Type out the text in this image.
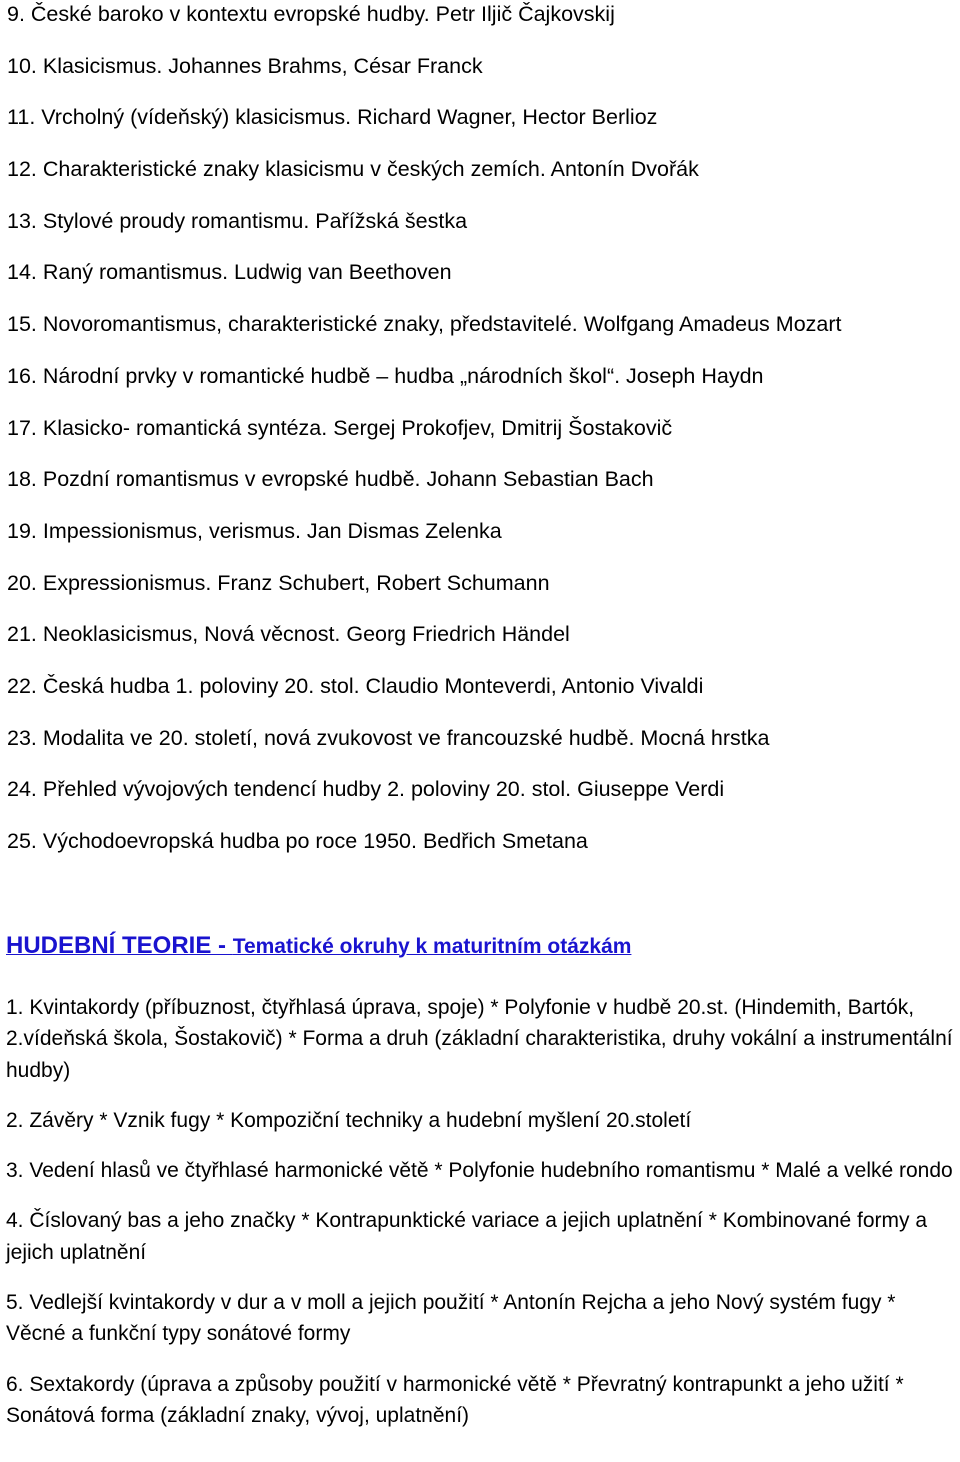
9. České baroko v kontextu evropské hudby. Petr Iljič Čajkovskij
10. Klasicismus. Johannes Brahms, César Franck
11. Vrcholný (vídeňský) klasicismus. Richard Wagner, Hector Berlioz
12. Charakteristické znaky klasicismu v českých zemích. Antonín Dvořák
13. Stylové proudy romantismu. Pařížská šestka
14. Raný romantismus. Ludwig van Beethoven
15. Novoromantismus, charakteristické znaky, představitelé. Wolfgang Amadeus Mozart
16. Národní prvky v romantické hudbě – hudba „národních škol“. Joseph Haydn
17. Klasicko- romantická syntéza. Sergej Prokofjev, Dmitrij Šostakovič
18. Pozdní romantismus v evropské hudbě. Johann Sebastian Bach
19. Impessionismus, verismus. Jan Dismas Zelenka
20. Expressionismus. Franz Schubert, Robert Schumann
21. Neoklasicismus, Nová věcnost. Georg Friedrich Händel
22. Česká hudba 1. poloviny 20. stol. Claudio Monteverdi, Antonio Vivaldi
23. Modalita ve 20. století, nová zvukovost ve francouzské hudbě. Mocná hrstka
24. Přehled vývojových tendencí hudby 2. poloviny 20. stol. Giuseppe Verdi
25. Východoevropská hudba po roce 1950. Bedřich Smetana
HUDEBNÍ TEORIE - Tematické okruhy k maturitním otázkám
1. Kvintakordy (příbuznost, čtyřhlasá úprava, spoje) * Polyfonie v hudbě 20.st. (Hindemith, Bartók, 2.vídeňská škola, Šostakovič) * Forma a druh (základní charakteristika, druhy vokální a instrumentální hudby)
2. Závěry * Vznik fugy * Kompoziční techniky a hudební myšlení 20.století
3. Vedení hlasů ve čtyřhlasé harmonické větě * Polyfonie hudebního romantismu * Malé a velké rondo
4. Číslovaný bas a jeho značky * Kontrapunktické variace a jejich uplatnění * Kombinované formy a jejich uplatnění
5. Vedlejší kvintakordy v dur a v moll a jejich použití * Antonín Rejcha a jeho Nový systém fugy * Věcné a funkční typy sonátové formy
6. Sextakordy (úprava a způsoby použití v harmonické větě * Převratný kontrapunkt a jeho užití * Sonátová forma (základní znaky, vývoj, uplatnění)
